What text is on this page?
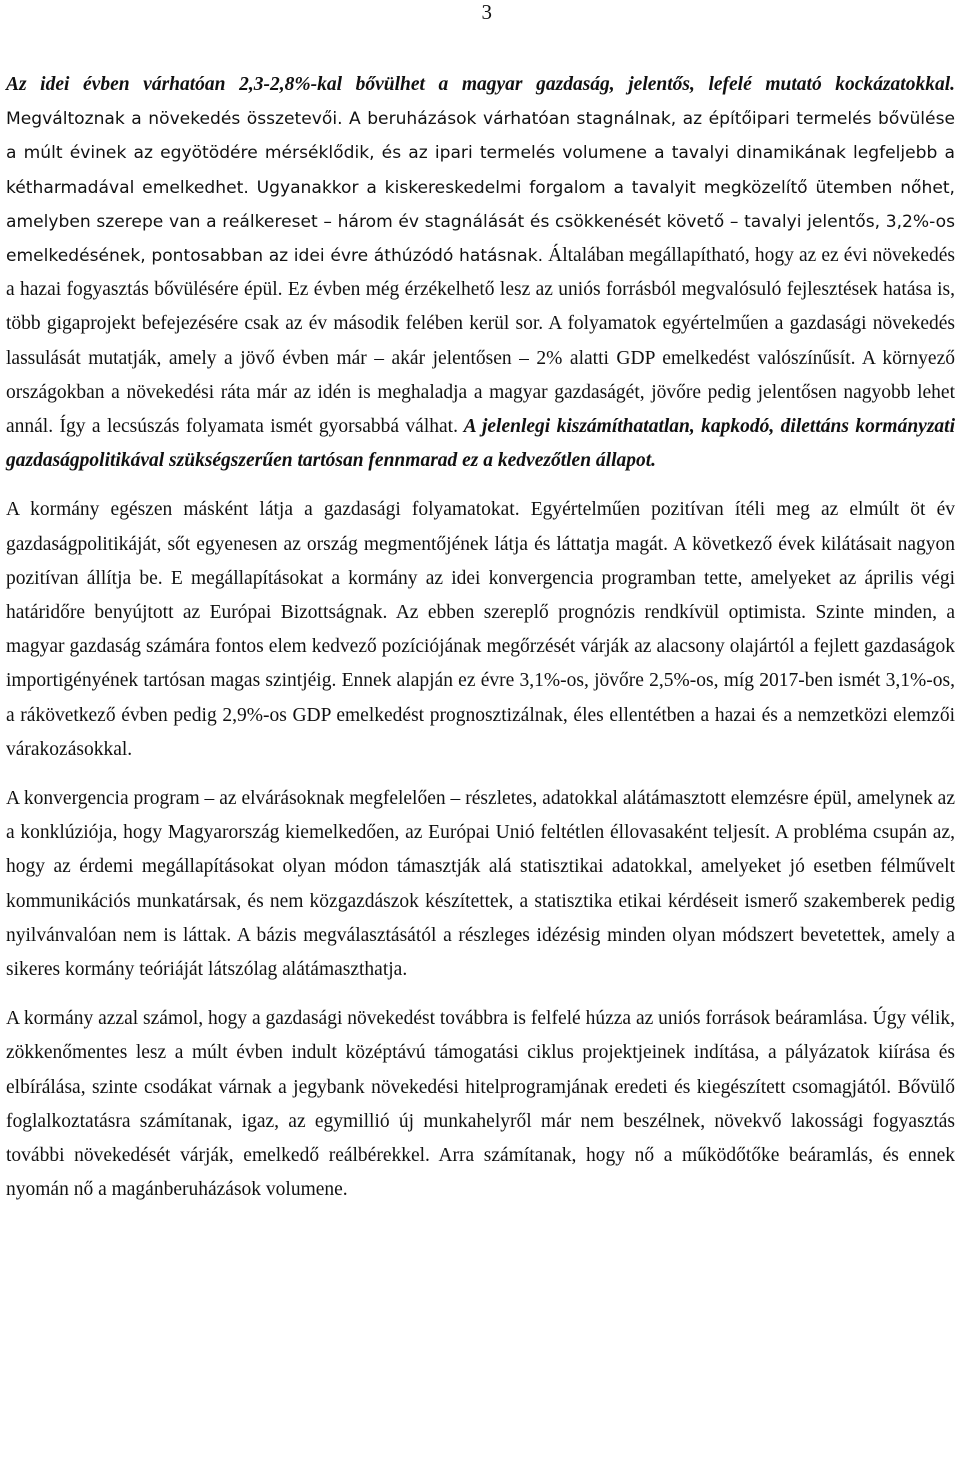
3

Az idei évben várhatóan 2,3-2,8%-kal bővülhet a magyar gazdaság, jelentős, lefelé mutató kockázatokkal. Megváltoznak a növekedés összetevői. A beruházások várhatóan stagnálnak, az építőipari termelés bővülése a múlt évinek az egyötödére mérséklődik, és az ipari termelés volumene a tavalyi dinamikának legfeljebb a kétharmadával emelkedhet. Ugyanakkor a kiskereskedelmi forgalom a tavalyit megközelítő ütemben nőhet, amelyben szerepe van a reálkereset – három év stagnálását és csökkenését követő – tavalyi jelentős, 3,2%-os emelkedésének, pontosabban az idei évre áthúzódó hatásnak. Általában megállapítható, hogy az ez évi növekedés a hazai fogyasztás bővülésére épül. Ez évben még érzékelhető lesz az uniós forrásból megvalósuló fejlesztések hatása is, több gigaprojekt befejezésére csak az év második felében kerül sor. A folyamatok egyértelműen a gazdasági növekedés lassulását mutatják, amely a jövő évben már – akár jelentősen – 2% alatti GDP emelkedést valószínűsít. A környező országokban a növekedési ráta már az idén is meghaladja a magyar gazdaságét, jövőre pedig jelentősen nagyobb lehet annál. Így a lecsúszás folyamata ismét gyorsabbá válhat. A jelenlegi kiszámíthatatlan, kapkodó, dilettáns kormányzati gazdaságpolitikával szükségszerűen tartósan fennmarad ez a kedvezőtlen állapot.

A kormány egészen másként látja a gazdasági folyamatokat. Egyértelműen pozitívan ítéli meg az elmúlt öt év gazdaságpolitikáját, sőt egyenesen az ország megmentőjének látja és láttatja magát. A következő évek kilátásait nagyon pozitívan állítja be. E megállapításokat a kormány az idei konvergencia programban tette, amelyeket az április végi határidőre benyújtott az Európai Bizottságnak. Az ebben szereplő prognózis rendkívül optimista. Szinte minden, a magyar gazdaság számára fontos elem kedvező pozíciójának megőrzését várják az alacsony olajártól a fejlett gazdaságok importigényének tartósan magas szintjéig. Ennek alapján ez évre 3,1%-os, jövőre 2,5%-os, míg 2017-ben ismét 3,1%-os, a rákövetkező évben pedig 2,9%-os GDP emelkedést prognosztizálnak, éles ellentétben a hazai és a nemzetközi elemzői várakozásokkal.

A konvergencia program – az elvárásoknak megfelelően – részletes, adatokkal alátámasztott elemzésre épül, amelynek az a konklúziója, hogy Magyarország kiemelkedően, az Európai Unió feltétlen éllovasaként teljesít. A probléma csupán az, hogy az érdemi megállapításokat olyan módon támasztják alá statisztikai adatokkal, amelyeket jó esetben félművelt kommunikációs munkatársak, és nem közgazdászok készítettek, a statisztika etikai kérdéseit ismerő szakemberek pedig nyilvánvalóan nem is láttak. A bázis megválasztásától a részleges idézésig minden olyan módszert bevetettek, amely a sikeres kormány teóriáját látszólag alátámaszthatja.

A kormány azzal számol, hogy a gazdasági növekedést továbbra is felfelé húzza az uniós források beáramlása. Úgy vélik, zökkenőmentes lesz a múlt évben indult középtávú támogatási ciklus projektjeinek indítása, a pályázatok kiírása és elbírálása, szinte csodákat várnak a jegybank növekedési hitelprogramjának eredeti és kiegészített csomagjától. Bővülő foglalkoztatásra számítanak, igaz, az egymillió új munkahelyről már nem beszélnek, növekvő lakossági fogyasztás további növekedését várják, emelkedő reálbérekkel. Arra számítanak, hogy nő a működőtőke beáramlás, és ennek nyomán nő a magánberuházások volumene.
